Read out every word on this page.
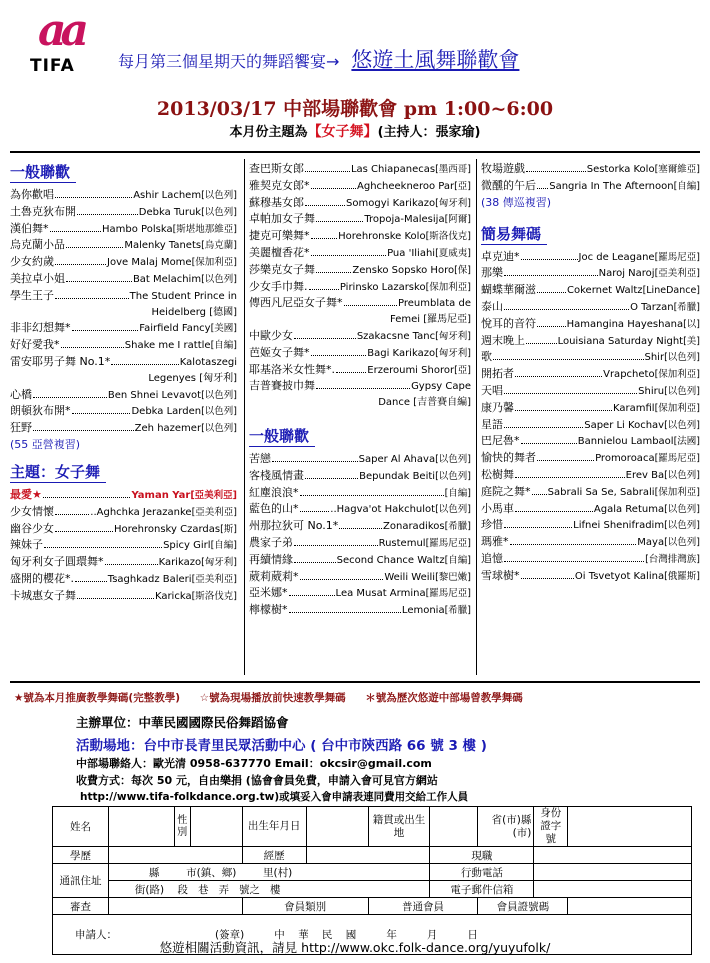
aa
TIFA	每月第三個星期天的舞蹈饗宴→ 悠遊土風舞聯歡會
2013/03/17 中部場聯歡會 pm 1:00~6:00
本月份主題為【女子舞】(主持人：張家瑜)
一般聯歡
為你歡唱	Ashir Lachem [以色列]
土魯克狄布開	Debka Turuk [以色列]
漢伯舞*	Hambo Polska [斯堪地那維亞]
烏克蘭小品	Malenky Tanets [烏克蘭]
少女約歲	Jove Malaj Mome [保加利亞]
美拉卓小姐	Bat Melachim [以色列]
學生王子	The Student Prince in
Heidelberg [德國]
非非幻想舞*	Fairfield Fancy [美國]
好好愛我*	Shake me I rattle [自編]
雷安耶男子舞 No.1*	Kalotaszegi
Legenyes [匈牙利]
心橋	Ben Shnei Levavot [以色列]
朗頓狄布開*	Debka Larden [以色列]
狂野	Zeh hazemer [以色列]
(55 亞營複習)
主題：女子舞
最愛★	Yaman Yar [亞美利亞]
少女情懷	..Aghchka Jerazanke [亞美利亞]
幽谷少女	Horehronsky Czardas [斯]
辣妹子	Spicy Girl [自編]
匈牙利女子圓環舞*	Karikazo [匈牙利]
盛開的櫻花*.	Tsaghkadz Baleri [亞美利亞]
卡城惠女子舞	Karicka [斯洛伐克]
查巴斯女郎	Las Chiapanecas [墨西哥]
雅契克女郎*	Aghcheekneroo Par [亞]
蘇穆基女郎	Somogyi Karikazo [匈牙利]
卓帕加女子舞	Tropoja-Malesija [阿爾]
捷克可樂舞*	Horehronske Kolo [斯洛伐克]
美麗檀香花*	Pua 'Iliahi [夏威夷]
莎樂克女子舞	Zensko Sopsko Horo [保]
少女手巾舞.	Pirinsko Lazarsko [保加利亞]
傳西凡尼亞女子舞*	Preumblata de
Femei [羅馬尼亞]
中歐少女	Szakacsne Tanc [匈牙利]
芭姬女子舞*	Bagi Karikazo [匈牙利]
耶基洛米女性舞*.	Erzeroumi Shoror [亞]
吉普賽披巾舞	Gypsy Cape
Dance [吉普賽自編]
一般聯歡
苦戀	Saper Al Ahava [以色列]
客棧風情畫	Bepundak Beiti [以色列]
紅塵浪浪*	[自編]
藍色的山*	..Hagva'ot Hakchulot [以色列]
州那拉狄可 No.1*	Zonaradikos [希臘]
農家子弟	Rustemul [羅馬尼亞]
再續情緣	Second Chance Waltz [自編]
葳莉葳莉*	Weili Weili [黎巴嫩]
亞米娜*	Lea Musat Armina [羅馬尼亞]
檸檬樹*	Lemonia [希臘]
牧場遊戲	Sestorka Kolo [塞爾維亞]
微醺的午后 Sangria In The Afternoon [自編]
(38 傳巡複習)
簡易舞碼
卓克迪*	Joc de Leagane [羅馬尼亞]
那樂	Naroj Naroj [亞美利亞]
蝴蝶華爾滋	Cokernet Waltz [LineDance]
泰山	O Tarzan [希臘]
悅耳的音符	Hamangina Hayeshana [以]
週末晚上	Louisiana Saturday Night [美]
歌	Shir [以色列]
開拓者	Vrapcheto [保加利亞]
天唱	Shiru [以色列]
康乃馨	Karamfil [保加利亞]
星語	Saper Li Kochav [以色列]
巴尼魯*	Bannielou Lambaol [法國]
愉快的舞者	Promoroaca [羅馬尼亞]
松樹舞	Erev Ba [以色列]
庭院之舞* Sabrali Sa Se, Sabrali [保加利亞]
小馬車	Agala Retuma [以色列]
珍惜	Lifnei Shenifradim [以色列]
瑪雅*	Maya [以色列]
追憶	[台灣排灣族]
雪球樹*	Oi Tsvetyot Kalina [俄羅斯]
★號為本月推廣教學舞碼(完整教學) ☆號為現場播放前快速教學舞碼 ＊號為歷次悠遊中部場曾教學舞碼
主辦單位：中華民國國際民俗舞蹈協會
活動場地：台中市長青里民眾活動中心 ( 台中市陝西路 66 號 3 樓 )
中部場聯絡人：歐光清 0958-637770 Email：okcsir@gmail.com
收費方式：每次 50 元，自由樂捐 (協會會員免費，申請入會可見官方網站
http://www.tifa-folkdance.org.tw)或填妥入會申請表連同費用交給工作人員
姓名		性別		出生年月日		籍貫或出生地		省(市)縣(市)	身份證字號	
學歷				經歷			現職			
通訊住址	縣        市(鎮、鄉)        里(村)						行動電話			
	街(路)    段   巷   弄   號之   樓						電子郵件信箱			
審查				會員類別		普通會員		會員證號碼		

申請人： (簽章) 中    華    民    國         年         月         日										

悠遊相關活動資訊，請見 http://www.okc.folk-dance.org/yuyufolk/
